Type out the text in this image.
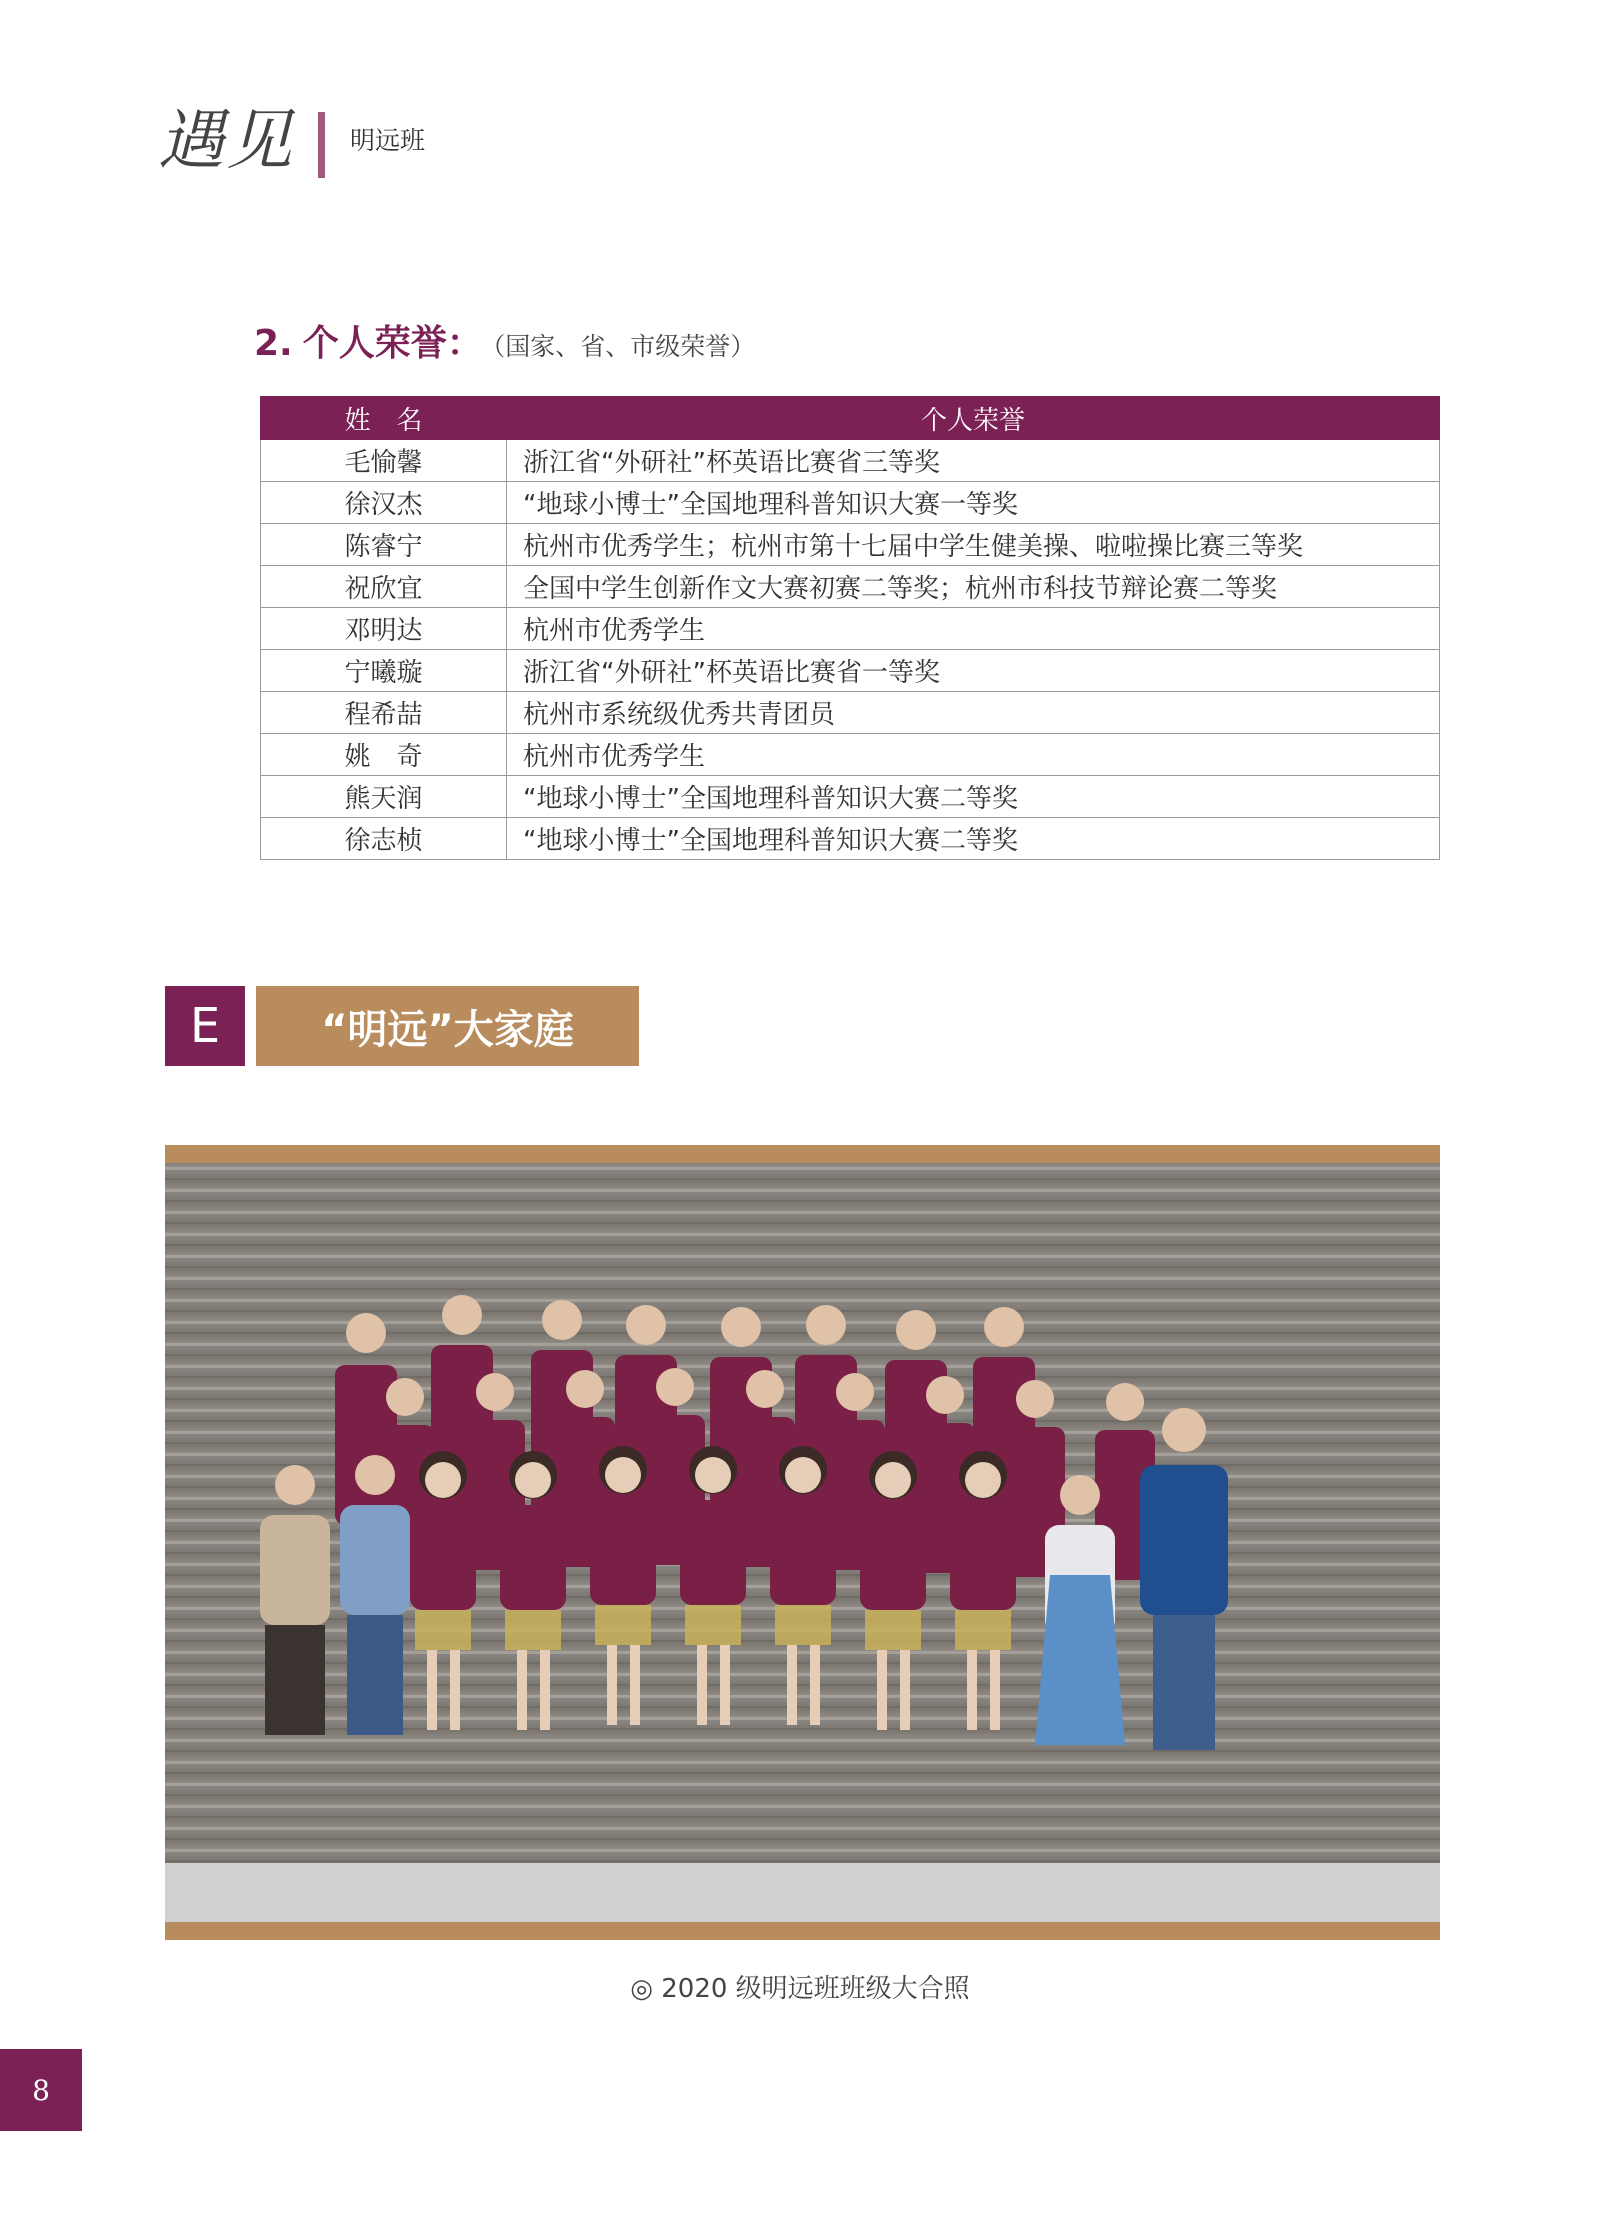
遇见 明远班
2. 个人荣誉： （国家、省、市级荣誉）
姓　名	个人荣誉
毛愉馨	浙江省“外研社”杯英语比赛省三等奖
徐汉杰	“地球小博士”全国地理科普知识大赛一等奖
陈睿宁	杭州市优秀学生；杭州市第十七届中学生健美操、啦啦操比赛三等奖
祝欣宜	全国中学生创新作文大赛初赛二等奖；杭州市科技节辩论赛二等奖
邓明达	杭州市优秀学生
宁曦璇	浙江省“外研社”杯英语比赛省一等奖
程希喆	杭州市系统级优秀共青团员
姚　奇	杭州市优秀学生
熊天润	“地球小博士”全国地理科普知识大赛二等奖
徐志桢	“地球小博士”全国地理科普知识大赛二等奖
E	“明远”大家庭
◎ 2020 级明远班班级大合照
8
